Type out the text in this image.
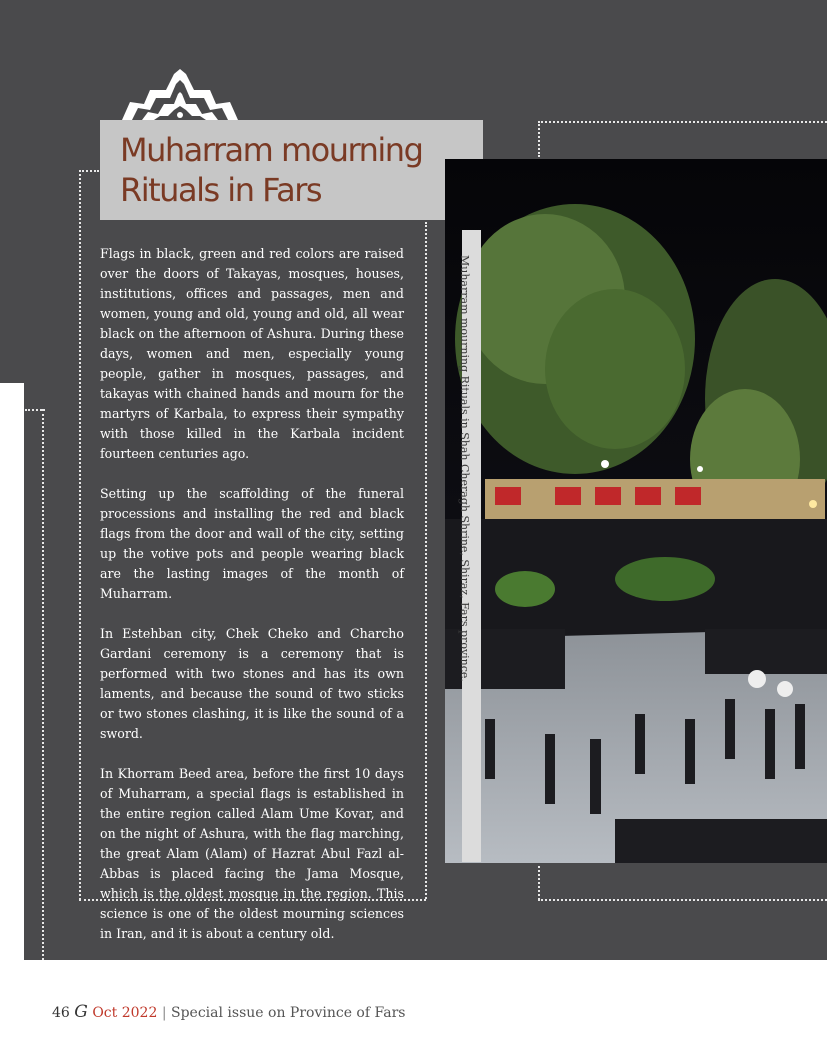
Muharram mourning
Rituals in Fars

Flags in black, green and red colors are raised over the doors of Takayas, mosques, houses, institutions, offices and passages, men and women, young and old, young and old, all wear black on the afternoon of Ashura. During these days, women and men, especially young people, gather in mosques, passages, and takayas with chained hands and mourn for the martyrs of Karbala, to express their sympathy with those killed in the Karbala incident fourteen centuries ago.

Setting up the scaffolding of the funeral processions and installing the red and black flags from the door and wall of the city, setting up the votive pots and people wearing black are the lasting images of the month of Muharram.

In Estehban city, Chek Cheko and Charcho Gardani ceremony is a ceremony that is performed with two stones and has its own laments, and because the sound of two sticks or two stones clashing, it is like the sound of a sword.

In Khorram Beed area, before the first 10 days of Muharram, a special flags is established in the entire region called Alam Ume Kovar, and on the night of Ashura, with the flag marching, the great Alam (Alam) of Hazrat Abul Fazl al-Abbas is placed facing the Jama Mosque, which is the oldest mosque in the region. This science is one of the oldest mourning sciences in Iran, and it is about a century old.

Muharram mourning Rituals in Shah Cheragh Shrine, Shiraz, Fars province.
46 G Oct 2022 | Special issue on Province of Fars
